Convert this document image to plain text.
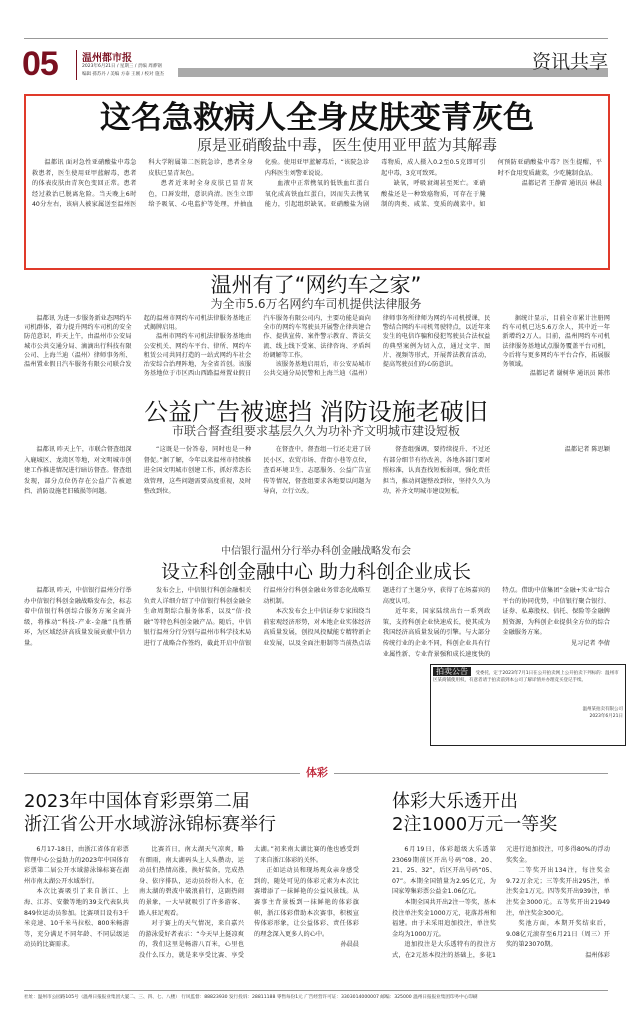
05 温州都市报
2023年6月21日 / 星期三 / 责编 周骅钢
编辑 孫苏丹 / 美编 方泰 王刚 / 校对 施杰
资讯共享
这名急救病人全身皮肤变青灰色
原是亚硝酸盐中毒，医生使用亚甲蓝为其解毒

温都讯 面对急性亚硝酸盐中毒急救患者，医生使用亚甲蓝解毒，患者的体表皮肤由青灰色变回正常。患者经过救治已脱离危险。当天晚上6时40分左右，该病人被家属送至温州医科大学附属第二医院急诊，患者全身皮肤已显青灰色。

患者近来时全身皮肤已显青灰色，口唇发绀，意识尚清。医生立即给予吸氧、心电监护等处理，并抽血化验。使用亚甲蓝解毒后，“该院急诊内科医生刘警亚说说。

血液中正常携氧的低铁血红蛋白氧化成高铁血红蛋白，因而失去携氧能力，引起组织缺氧。亚硝酸盐为剧毒物质，成人摄入0.2至0.5克即可引起中毒，3克可致死。

缺氧，呼吸衰竭甚至死亡。亚硝酸盐还是一种致癌物质，可存在于腌制的肉类、咸菜、变质的蔬菜中。如何预防亚硝酸盐中毒？医生提醒，平时不食用变质蔬菜，少吃腌制食品。

温都记者 王静雷 通讯员 林晨
温州有了“网约车之家”
为全市5.6万名网约车司机提供法律服务

温都讯 为进一步服务新业态网约车司机群体，着力提升网约车司机的安全防范意识，昨天上午，由温州市公安局城市公共交通分局、滴滴出行科技有限公司、上海兰迪（温州）律师事务所、温州置业假日汽车服务有限公司联合发起的温州市网约车司机法律服务基地正式揭牌启用。

温州市网约车司机法律服务基地由公安机关、网约车平台、律所、网约车租赁公司共同打造的一站式网约车社会治安综合治理阵地，为全省首创。该服务基地位于市区西山西路温州置业假日汽车服务有限公司内，主要功能是面向全市的网约车驾驶员开展警企律共建合作、提供宣传、案件警示教育、普法交流、线上线下受案、法律咨询、矛盾纠纷调解等工作。

该服务基地启用后，市公安局城市公共交通分局民警和上海兰迪（温州）律师事务所律师为网约车司机授课，民警结合网约车司机驾驶特点，以近年来发生的电信诈骗和侵犯驾驶员合法权益的典型案例为切入点，通过文字、图片、视频等形式，开展普法教育活动，提高驾驶员们的心防意识。

据统计显示，目前全市累计注册网约车司机已达5.6万余人，其中近一年新增约2万人。目前，温州网约车司机法律服务基地试点服务覆盖平台司机，今后将与更多网约车平台合作，拓展服务领域。

温都记者 谢树华 通讯员 陈伟
公益广告被遮挡 消防设施老破旧
市联合督查组要求基层久久为功补齐文明城市建设短板

温都讯 昨天上午，市联合督查组深入鹿城区、龙湾区等地，对文明城市创建工作推进情况进行暗访督查。督查组发现，部分点位仍存在公益广告被遮挡、消防设施老旧破损等问题。

“这既是一份答卷，同时也是一种督促。”据了解，今年以来温州市持续推进全国文明城市创建工作，抓好常态长效管理，这些问题需要高度重视，及时整改到位。

在督查中，督查组一行还走进了居民小区、农贸市场、背街小巷等点位，查看环境卫生、志愿服务、公益广告宣传等情况，督查组要求各地要以问题为导向，立行立改。

督查组强调，要持续提升、不过还有部分细节有待改善，各地各部门要对照标准，认真查找短板弱项，强化责任担当，推动问题整改到位，坚持久久为功，补齐文明城市建设短板。

温都记者 陈思颖
中信银行温州分行举办科创金融战略发布会
设立科创金融中心 助力科创企业成长

温都讯 昨天，中信银行温州分行举办中信银行科创金融战略发布会，标志着中信银行科创综合服务方案全面升级，将推动“科技-产业-金融”良性循环，为区域经济高质量发展贡献中信力量。

发布会上，中信银行科创金融相关负责人详细介绍了中信银行科创金融全生命周期综合服务体系，以及“信·投融”等特色科创金融产品。随后，中信银行温州分行分别与温州市科学技术局进行了战略合作签约，截此开启中信银行温州分行科创金融业务常态化战略互动机制。

本次发布会上中信证券专家围绕当前宏观经济形势，对本地企业实体经济高质量发展，创投风投赋能专精特新企业发展，以及全面注册制等当前热点话题进行了主题分享，获得了在场嘉宾的高度认可。

近年来，国家陆续出台一系列政策，支持科创企业快速成长，使其成为我国经济高质量发展的引擎。与大部分传统行业的企业不同，科创企业具有行业属性新、专业背景强和成长速度快的特点。借助中信集团“金融+实业”综合平台的协同优势，中信银行聚合银行、证券、私募股权、信托、保险等金融牌照资源，为科创企业提供全方位的综合金融服务方案。

见习记者 李倩
拍卖公告 受委托，定于2023年7月1日在公开拍卖网上公开拍卖下列标的：温州市区某商铺使用权，有意者请于拍卖前到本公司了解详情并办理竞买登记手续。
温州某拍卖有限公司
2023年6月21日
体彩
2023年中国体育彩票第二届
浙江省公开水域游泳锦标赛举行

6月17-18日，由浙江省体育彩票管理中心公益助力的2023年中国体育彩票第二届公开水域游泳锦标赛在湖州市南太湖公开水域举行。

本次比赛吸引了来自浙江、上海、江苏、安徽等地的39支代表队共849位运动员参加。比赛项目设有3千米竞速、10千米马拉松、800米畅游等，充分满足不同年龄、不同层级运动员的比赛需求。

比赛首日，南太湖天气凉爽，略有细雨，南太湖码头上人头攒动，运动员们热情高涨，换好装备，完成热身、依序排队，运动员纷纷入水，在南太湖的碧波中破浪前行，这副热闹的景象，一大早就吸引了许多游客、路人驻足观看。

对于赛上的天气情况，来自嘉兴的游泳爱好者表示：“今天早上挺凉爽的，我们这里是畅游八百米，心里也没什么压力，就是来享受比赛、享受太湖。”初来南太湖比赛的他也感受到了来自浙江体彩的关怀。

正如运动员和现场观众亲身感受到的，随处可见的体彩元素为本次比赛增添了一抹鲜艳的公益风景线。从赛事主背景板到一抹鲜艳的体彩旗帜，浙江体彩借助本次赛事，积极宣传体彩形象，让公益体彩、责任体彩的理念深入更多人的心中。

孙晨晨
体彩大乐透开出
2注1000万元一等奖

6月19日，体彩超级大乐透第23069期前区开出号码“08、20、21、25、32”，后区开出号码“05、07”。本期全国销量为2.95亿元，为国家筹集彩票公益金1.06亿元。

本期全国共开出2注一等奖，基本投注单注奖金1000万元，花落苏州和福建。由于未采用追加投注，单注奖金均为1000万元。

追加投注是大乐透特有的投注方式，在2元基本投注的基础上，多花1元进行追加投注，可多得80%的浮动奖奖金。

二等奖开出134注，每注奖金9.72万余元；三等奖开出295注，单注奖金1万元。四等奖开出939注，单注奖金3000元。五等奖开出21949注，单注奖金300元。

奖池方面，本期开奖结束后，9.08亿元滚存至6月21日（周三）开奖的第23070期。

温州体彩
社址：温州市公园路105号（温州日报报业集团大厦二、三、四、七、八楼） 行风监督：88823930 发行投诉：28811188 零售每份1元 广告经营许可证：3303014000007 邮编：325000 温州日报报业集团印务中心印刷
